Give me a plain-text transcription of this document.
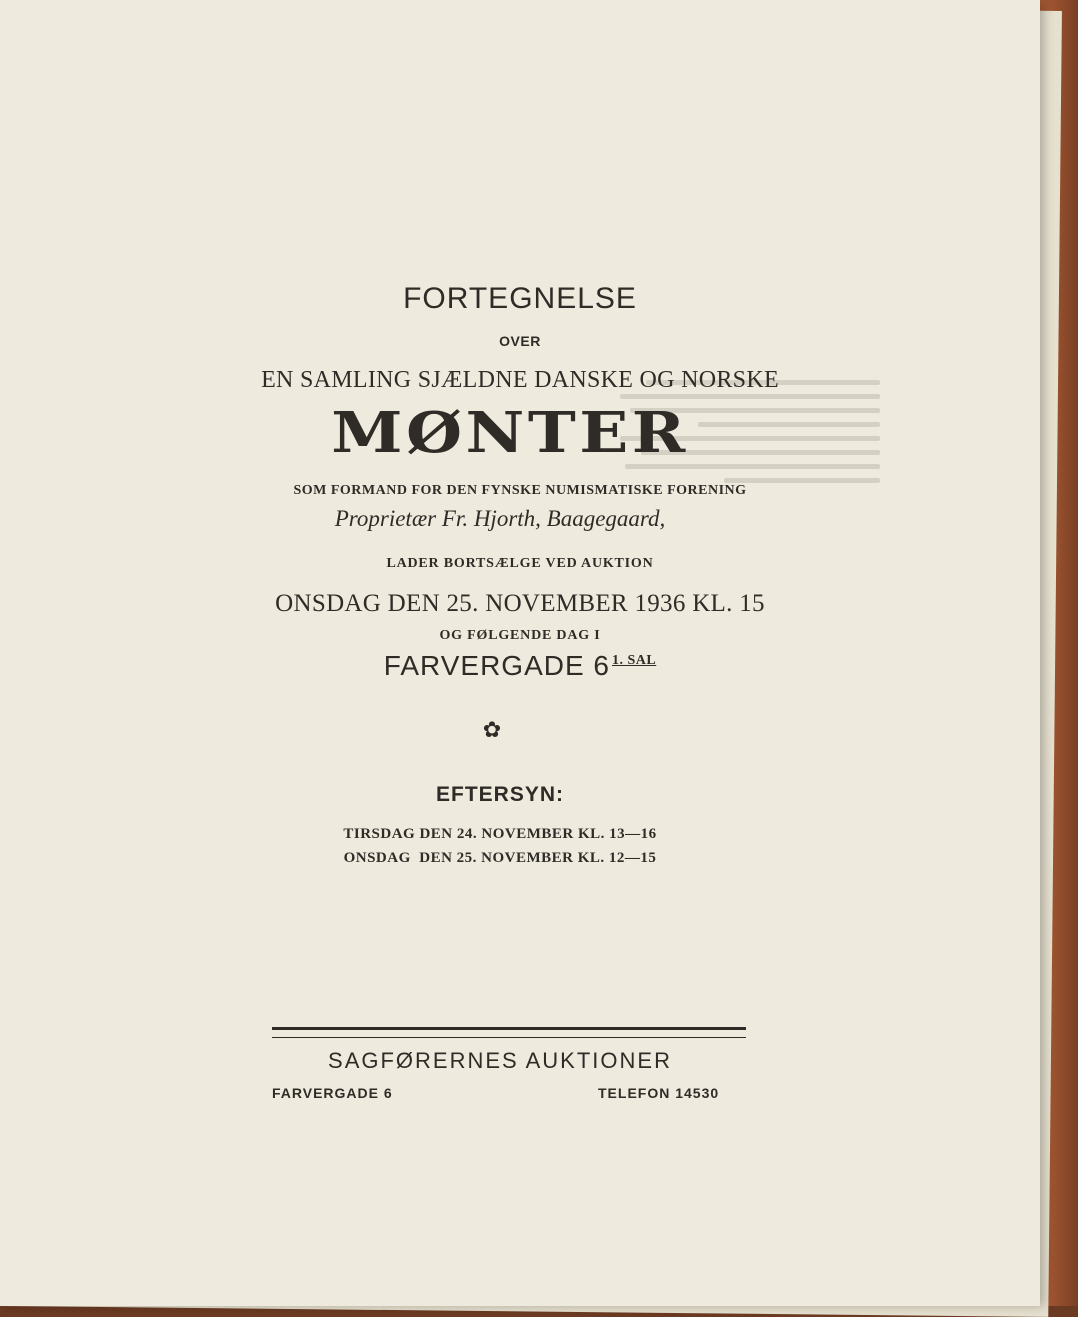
FORTEGNELSE
OVER
EN SAMLING SJÆLDNE DANSKE OG NORSKE
MØNTER
SOM FORMAND FOR DEN FYNSKE NUMISMATISKE FORENING
Proprietær Fr. Hjorth, Baagegaard,
LADER BORTSÆLGE VED AUKTION
ONSDAG DEN 25. NOVEMBER 1936 KL. 15
OG FØLGENDE DAG I
FARVERGADE 6 $^{1. SAL}$
✿
EFTERSYN:
TIRSDAG DEN 24. NOVEMBER KL. 13—16
ONSDAG  DEN 25. NOVEMBER KL. 12—15
SAGFØRERNES AUKTIONER
FARVERGADE 6	TELEFON 14530
